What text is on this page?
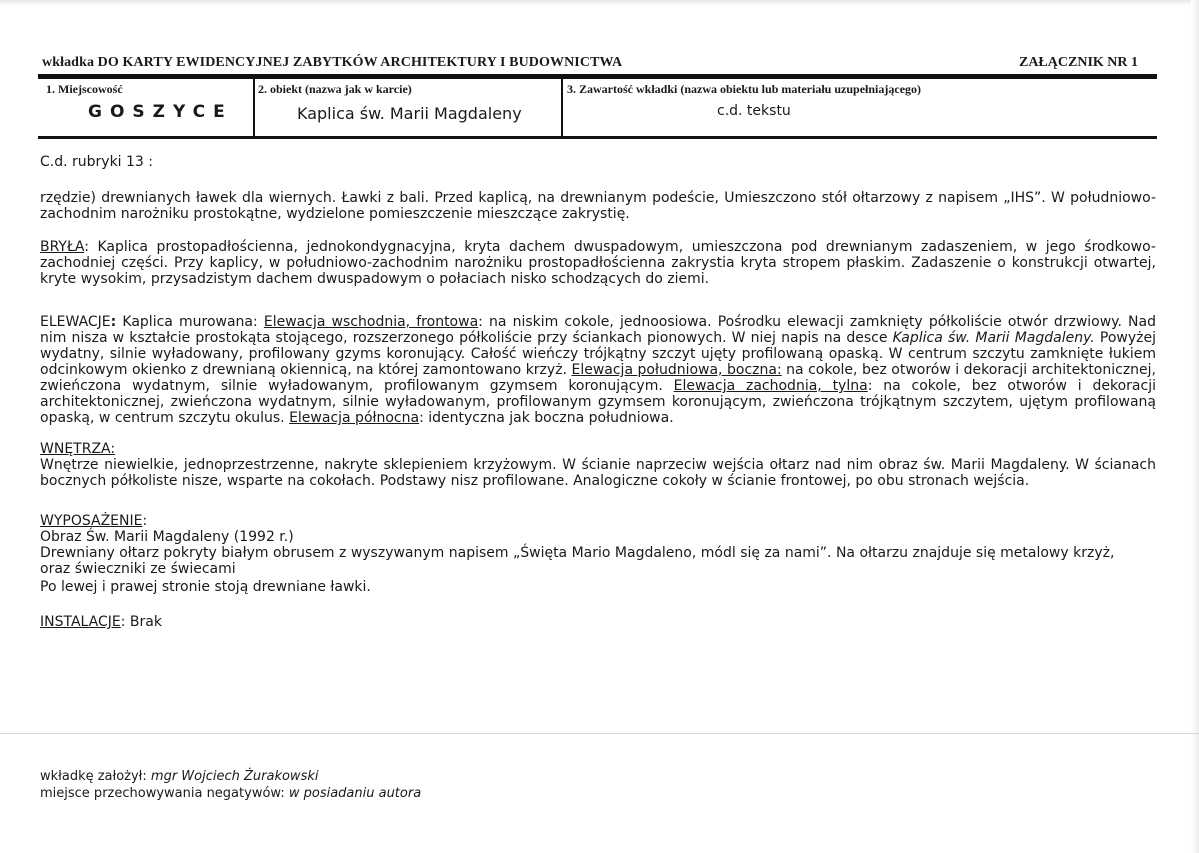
wkładka DO KARTY EWIDENCYJNEJ ZABYTKÓW ARCHITEKTURY I BUDOWNICTWA	ZAŁĄCZNIK NR 1
1. Miejscowość	2. obiekt (nazwa jak w karcie)	3. Zawartość wkładki (nazwa obiektu lub materiału uzupełniającego)
GOSZYCE	Kaplica św. Marii Magdaleny	c.d. tekstu

C.d. rubryki 13 :

rzędzie) drewnianych ławek dla wiernych. Ławki z bali. Przed kaplicą, na drewnianym podeście, Umieszczono stół ołtarzowy z napisem „IHS”. W południowo-zachodnim narożniku prostokątne, wydzielone pomieszczenie mieszczące zakrystię.

BRYŁA: Kaplica prostopadłościenna, jednokondygnacyjna, kryta dachem dwuspadowym, umieszczona pod drewnianym zadaszeniem, w jego środkowo-zachodniej części. Przy kaplicy, w południowo-zachodnim narożniku prostopadłościenna zakrystia kryta stropem płaskim. Zadaszenie o konstrukcji otwartej, kryte wysokim, przysadzistym dachem dwuspadowym o połaciach nisko schodzących do ziemi.

ELEWACJE: Kaplica murowana: Elewacja wschodnia, frontowa: na niskim cokole, jednoosiowa. Pośrodku elewacji zamknięty półkoliście otwór drzwiowy. Nad nim nisza w kształcie prostokąta stojącego, rozszerzonego półkoliście przy ściankach pionowych. W niej napis na desce Kaplica św. Marii Magdaleny. Powyżej wydatny, silnie wyładowany, profilowany gzyms koronujący. Całość wieńczy trójkątny szczyt ujęty profilowaną opaską. W centrum szczytu zamknięte łukiem odcinkowym okienko z drewnianą okiennicą, na której zamontowano krzyż. Elewacja południowa, boczna: na cokole, bez otworów i dekoracji architektonicznej, zwieńczona wydatnym, silnie wyładowanym, profilowanym gzymsem koronującym. Elewacja zachodnia, tylna: na cokole, bez otworów i dekoracji architektonicznej, zwieńczona wydatnym, silnie wyładowanym, profilowanym gzymsem koronującym, zwieńczona trójkątnym szczytem, ujętym profilowaną opaską, w centrum szczytu okulus. Elewacja północna: identyczna jak boczna południowa.

WNĘTRZA:

Wnętrze niewielkie, jednoprzestrzenne, nakryte sklepieniem krzyżowym. W ścianie naprzeciw wejścia ołtarz nad nim obraz św. Marii Magdaleny. W ścianach bocznych półkoliste nisze, wsparte na cokołach. Podstawy nisz profilowane. Analogiczne cokoły w ścianie frontowej, po obu stronach wejścia.

WYPOSAŻENIE:

Obraz Św. Marii Magdaleny (1992 r.)

Drewniany ołtarz pokryty białym obrusem z wyszywanym napisem „Święta Mario Magdaleno, módl się za nami”. Na ołtarzu znajduje się metalowy krzyż,

oraz świeczniki ze świecami

Po lewej i prawej stronie stoją drewniane ławki.

INSTALACJE: Brak

wkładkę założył: mgr Wojciech Żurakowski
miejsce przechowywania negatywów: w posiadaniu autora
